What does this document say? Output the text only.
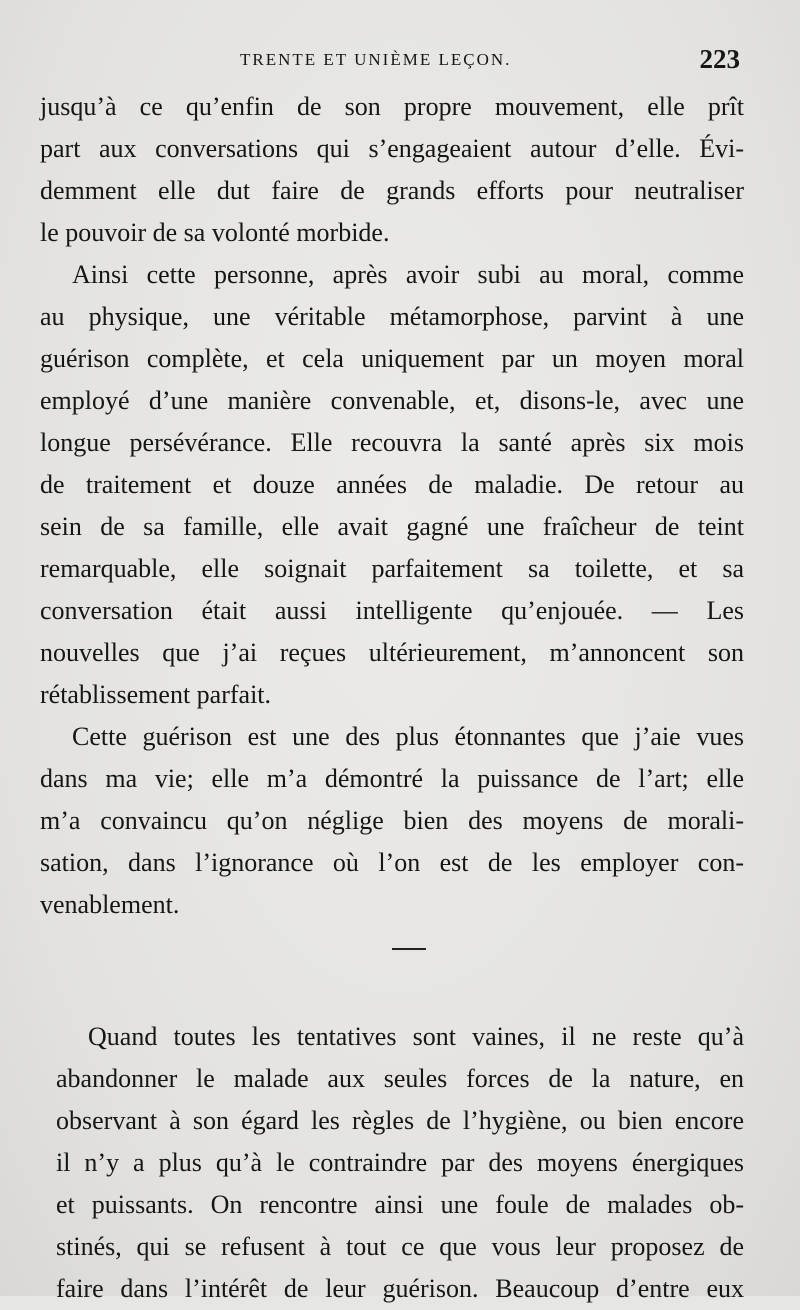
TRENTE ET UNIÈME LEÇON.	223
jusqu’à ce qu’enfin de son propre mouvement, elle prît
part aux conversations qui s’engageaient autour d’elle. Évi-
demment elle dut faire de grands efforts pour neutraliser
le pouvoir de sa volonté morbide.
Ainsi cette personne, après avoir subi au moral, comme
au physique, une véritable métamorphose, parvint à une
guérison complète, et cela uniquement par un moyen moral
employé d’une manière convenable, et, disons-le, avec une
longue persévérance. Elle recouvra la santé après six mois
de traitement et douze années de maladie. De retour au
sein de sa famille, elle avait gagné une fraîcheur de teint
remarquable, elle soignait parfaitement sa toilette, et sa
conversation était aussi intelligente qu’enjouée. — Les
nouvelles que j’ai reçues ultérieurement, m’annoncent son
rétablissement parfait.
Cette guérison est une des plus étonnantes que j’aie vues
dans ma vie; elle m’a démontré la puissance de l’art; elle
m’a convaincu qu’on néglige bien des moyens de morali-
sation, dans l’ignorance où l’on est de les employer con-
venablement.
Quand toutes les tentatives sont vaines, il ne reste qu’à
abandonner le malade aux seules forces de la nature, en
observant à son égard les règles de l’hygiène, ou bien encore
il n’y a plus qu’à le contraindre par des moyens énergiques
et puissants. On rencontre ainsi une foule de malades ob-
stinés, qui se refusent à tout ce que vous leur proposez de
faire dans l’intérêt de leur guérison. Beaucoup d’entre eux
